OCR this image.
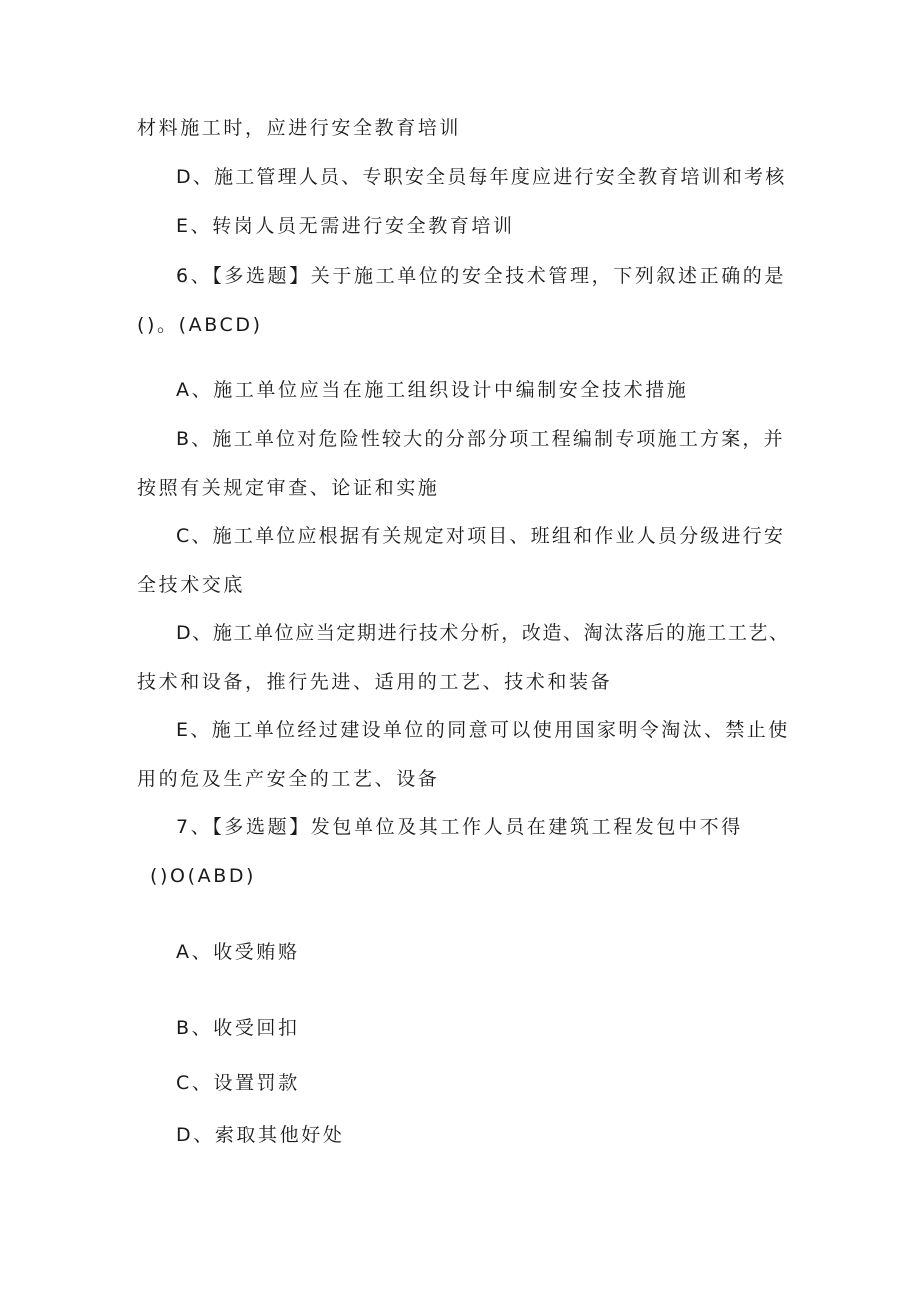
材料施工时，应进行安全教育培训
D、施工管理人员、专职安全员每年度应进行安全教育培训和考核
E、转岗人员无需进行安全教育培训
6、【多选题】关于施工单位的安全技术管理，下列叙述正确的是
()。(ABCD)
A、施工单位应当在施工组织设计中编制安全技术措施
B、施工单位对危险性较大的分部分项工程编制专项施工方案，并
按照有关规定审查、论证和实施
C、施工单位应根据有关规定对项目、班组和作业人员分级进行安
全技术交底
D、施工单位应当定期进行技术分析，改造、淘汰落后的施工工艺、
技术和设备，推行先进、适用的工艺、技术和装备
E、施工单位经过建设单位的同意可以使用国家明令淘汰、禁止使
用的危及生产安全的工艺、设备
7、【多选题】发包单位及其工作人员在建筑工程发包中不得
()O(ABD)
A、收受贿赂
B、收受回扣
C、设置罚款
D、索取其他好处
